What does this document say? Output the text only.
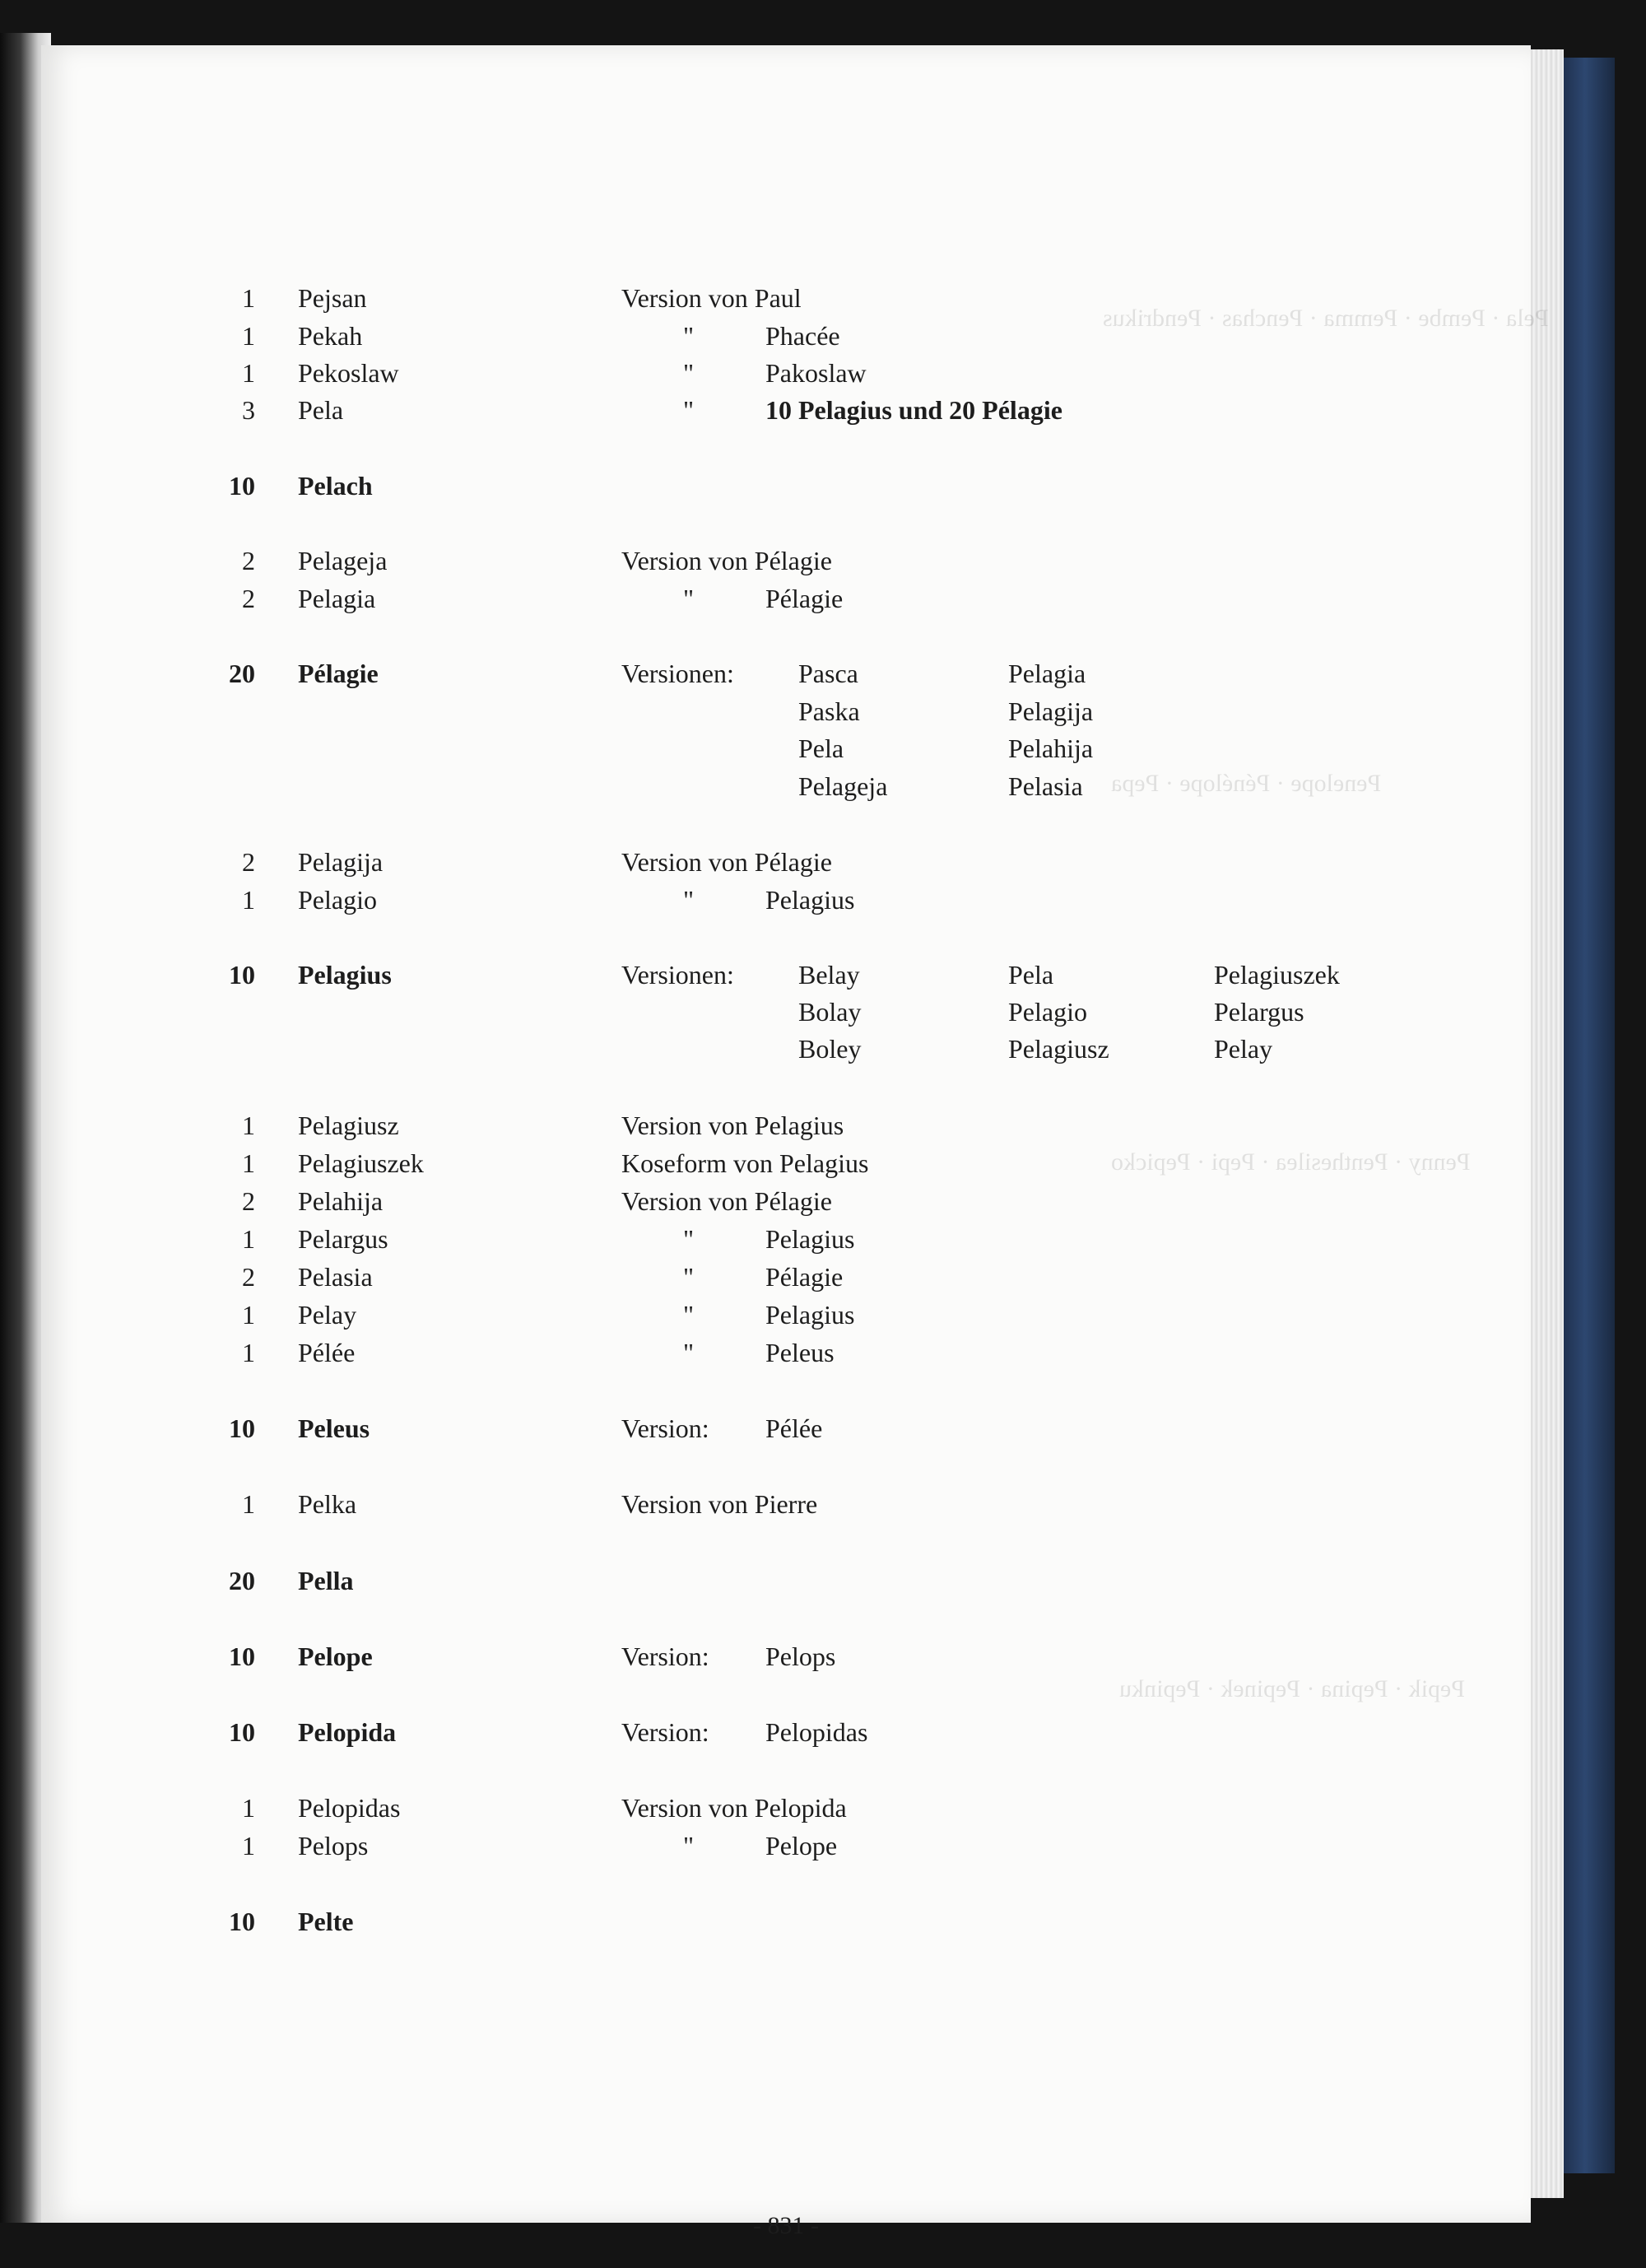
Pela · Pembe · Pemma · Penchas · Pendrikus
Penelope · Pénélope · Pepa
Penny · Penthesilea · Pepi · Pepicko
Pepik · Pepina · Pepinek · Pepinku
1 Pejsan	Version von Paul
1 Pekah	"	Phacée
1 Pekoslaw	"	Pakoslaw
3 Pela	"	10 Pelagius und 20 Pélagie
10 Pelach
2 Pelageja	Version von Pélagie
2 Pelagia	"	Pélagie
20 Pélagie	Versionen: Pasca	Pelagia
Paska	Pelagija
Pela	Pelahija
Pelageja	Pelasia
2 Pelagija	Version von Pélagie
1 Pelagio	"	Pelagius
10 Pelagius	Versionen: Belay	Pela	Pelagiuszek
Bolay	Pelagio	Pelargus
Boley	Pelagiusz	Pelay
1 Pelagiusz	Version von Pelagius
1 Pelagiuszek	Koseform von Pelagius
2 Pelahija	Version von Pélagie
1 Pelargus	"	Pelagius
2 Pelasia	"	Pélagie
1 Pelay	"	Pelagius
1 Pélée	"	Peleus
10 Peleus	Version: Pélée
1 Pelka	Version von Pierre
20 Pella
10 Pelope	Version: Pelops
10 Pelopida	Version: Pelopidas
1 Pelopidas	Version von Pelopida
1 Pelops	"	Pelope
10 Pelte
- 831 -
